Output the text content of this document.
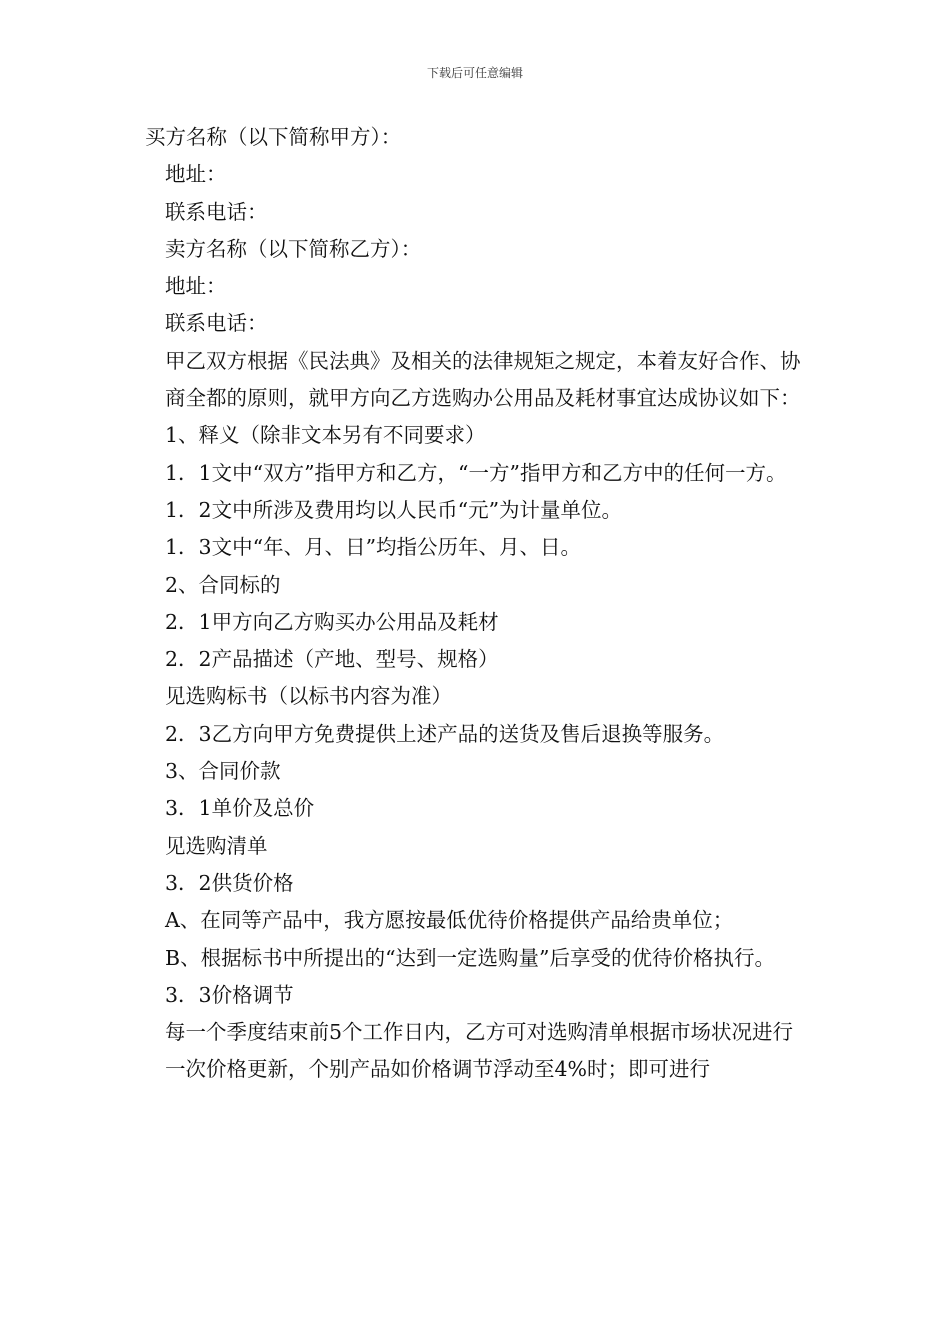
下载后可任意编辑

买方名称（以下简称甲方）：

地址：

联系电话：

卖方名称（以下简称乙方）：

地址：

联系电话：

甲乙双方根据《民法典》及相关的法律规矩之规定，本着友好合作、协商全都的原则，就甲方向乙方选购办公用品及耗材事宜达成协议如下：

1、释义（除非文本另有不同要求）

1．1文中“双方”指甲方和乙方，“一方”指甲方和乙方中的任何一方。

1．2文中所涉及费用均以人民币“元”为计量单位。

1．3文中“年、月、日”均指公历年、月、日。

2、合同标的

2．1甲方向乙方购买办公用品及耗材

2．2产品描述（产地、型号、规格）

见选购标书（以标书内容为准）

2．3乙方向甲方免费提供上述产品的送货及售后退换等服务。

3、合同价款

3．1单价及总价

见选购清单

3．2供货价格

A、在同等产品中，我方愿按最低优待价格提供产品给贵单位；

B、根据标书中所提出的“达到一定选购量”后享受的优待价格执行。

3．3价格调节

每一个季度结束前5个工作日内，乙方可对选购清单根据市场状况进行一次价格更新，个别产品如价格调节浮动至4%时；即可进行
